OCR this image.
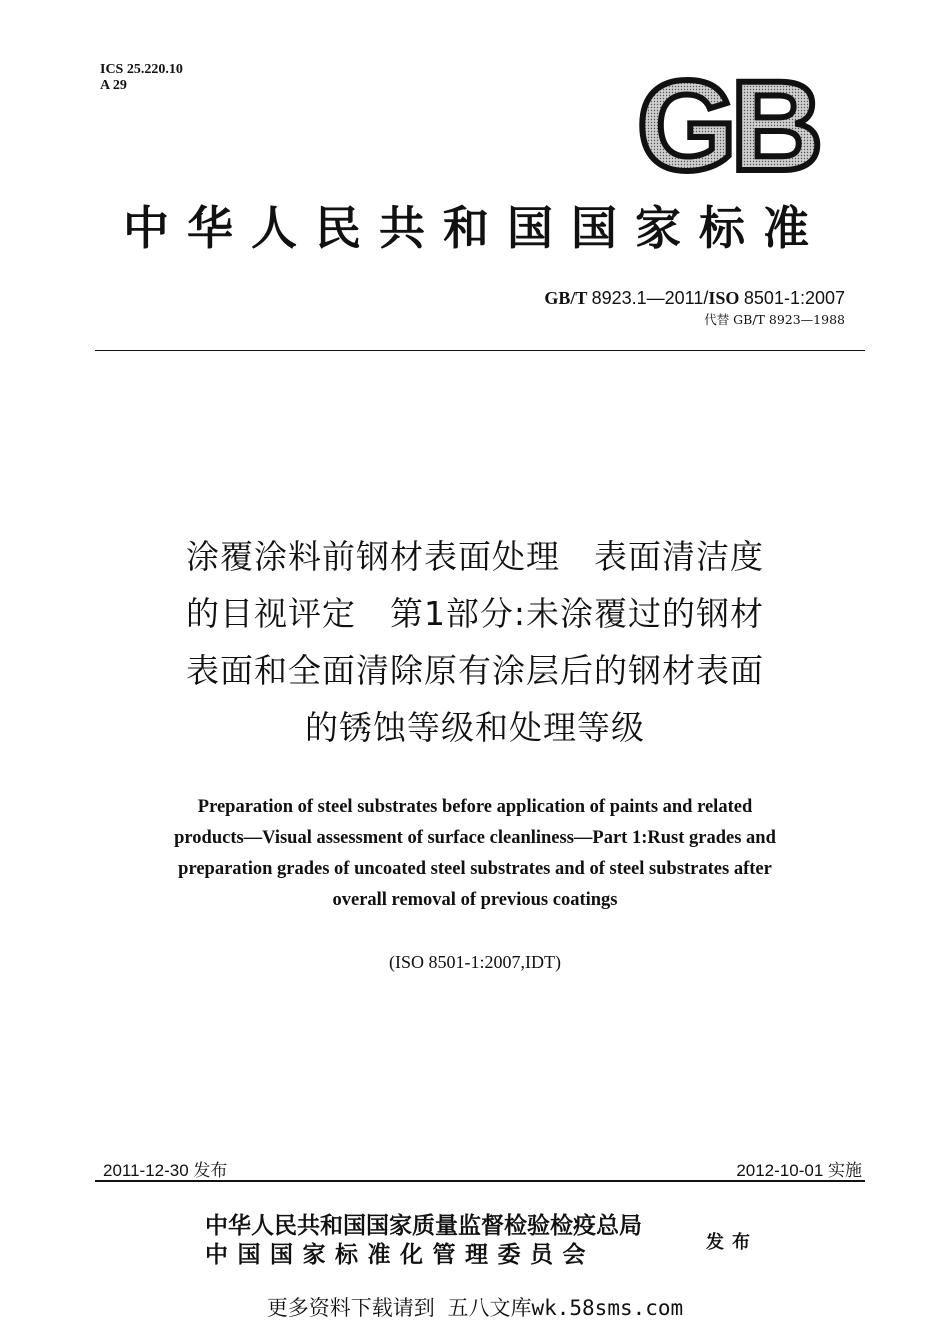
ICS 25.220.10
A 29	GB
中华人民共和国国家标准
GB/T 8923.1—2011/ISO 8501-1:2007
代替 GB/T 8923—1988
涂覆涂料前钢材表面处理　表面清洁度
的目视评定　第1部分:未涂覆过的钢材
表面和全面清除原有涂层后的钢材表面
的锈蚀等级和处理等级
Preparation of steel substrates before application of paints and related
products—Visual assessment of surface cleanliness—Part 1:Rust grades and
preparation grades of uncoated steel substrates and of steel substrates after
overall removal of previous coatings
(ISO 8501-1:2007,IDT)
2011-12-30 发布	2012-10-01 实施
中华人民共和国国家质量监督检验检疫总局
中国国家标准化管理委员会	发布
更多资料下载请到 五八文库wk.58sms.com
